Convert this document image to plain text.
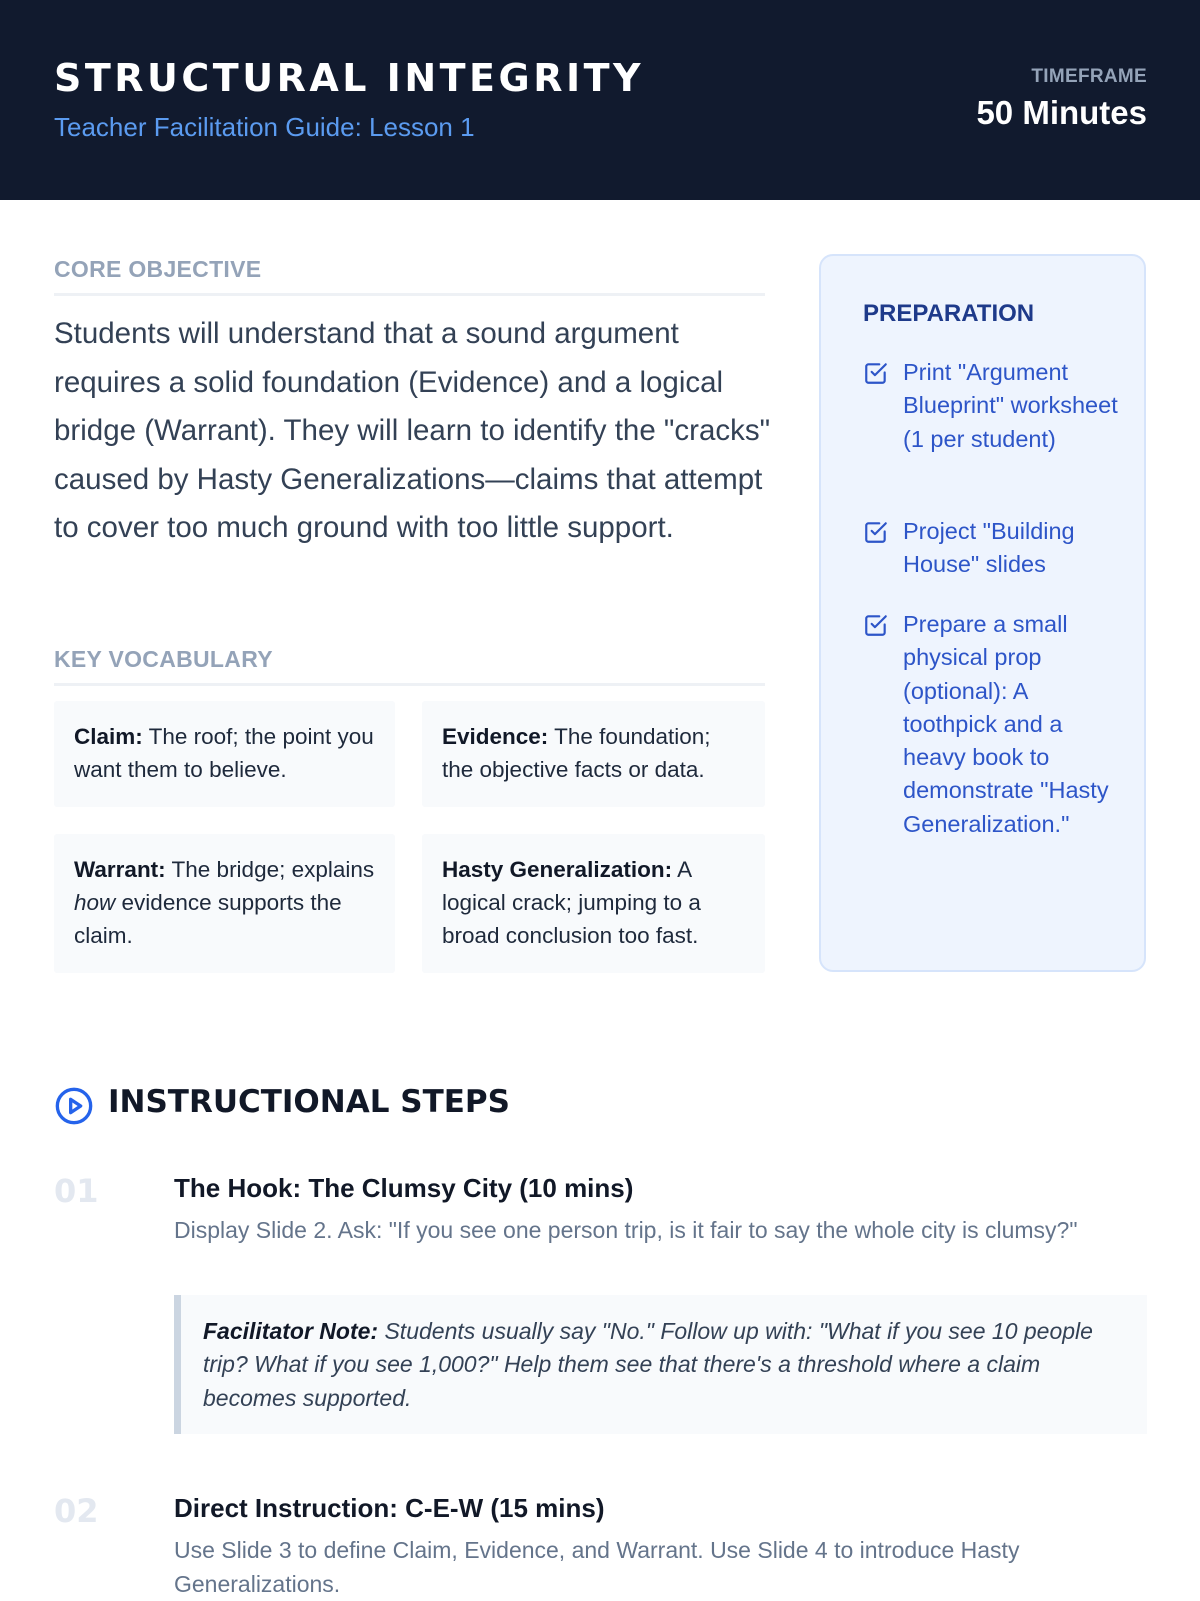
STRUCTURAL INTEGRITY
Teacher Facilitation Guide: Lesson 1
TIMEFRAME
50 Minutes
CORE OBJECTIVE

Students will understand that a sound argument requires a solid foundation (Evidence) and a logical bridge (Warrant). They will learn to identify the "cracks" caused by Hasty Generalizations—claims that attempt to cover too much ground with too little support.

KEY VOCABULARY
Claim: The roof; the point you want them to believe.
Evidence: The foundation; the objective facts or data.
Warrant: The bridge; explains how evidence supports the claim.
Hasty Generalization: A logical crack; jumping to a broad conclusion too fast.
PREPARATION
Print "Argument Blueprint" worksheet (1 per student)
Project "Building House" slides
Prepare a small physical prop (optional): A toothpick and a heavy book to demonstrate "Hasty Generalization."
INSTRUCTIONAL STEPS
01	The Hook: The Clumsy City (10 mins)
Display Slide 2. Ask: "If you see one person trip, is it fair to say the whole city is clumsy?"
Facilitator Note: Students usually say "No." Follow up with: "What if you see 10 people trip? What if you see 1,000?" Help them see that there's a threshold where a claim becomes supported.
02	Direct Instruction: C-E-W (15 mins)
Use Slide 3 to define Claim, Evidence, and Warrant. Use Slide 4 to introduce Hasty Generalizations.
